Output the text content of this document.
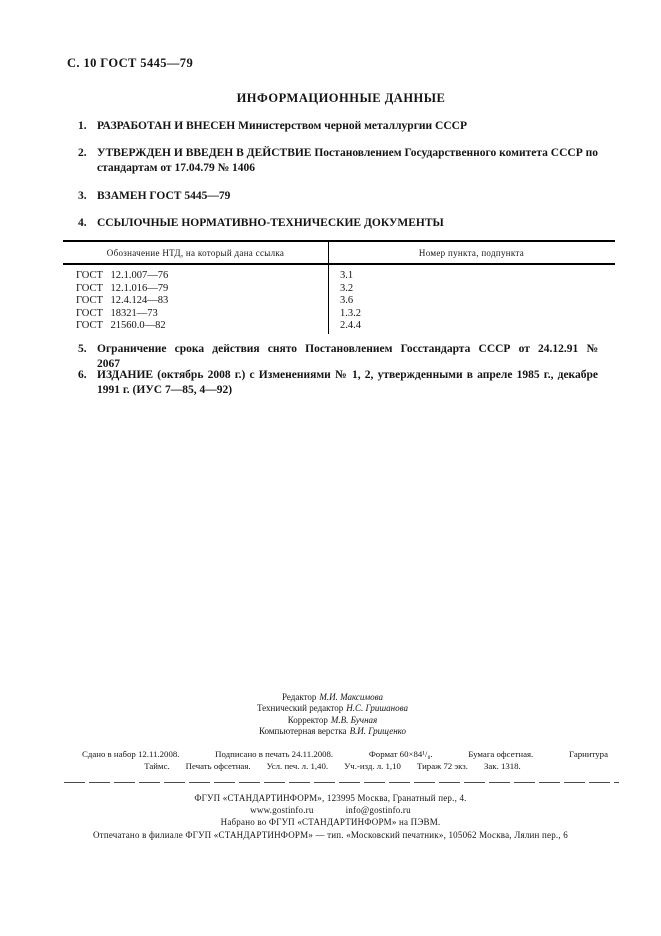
С. 10 ГОСТ 5445—79
ИНФОРМАЦИОННЫЕ ДАННЫЕ
1. РАЗРАБОТАН И ВНЕСЕН Министерством черной металлургии СССР
2. УТВЕРЖДЕН И ВВЕДЕН В ДЕЙСТВИЕ Постановлением Государственного комитета СССР по стандартам от 17.04.79 № 1406
3. ВЗАМЕН ГОСТ 5445—79
4. ССЫЛОЧНЫЕ НОРМАТИВНО-ТЕХНИЧЕСКИЕ ДОКУМЕНТЫ
Обозначение НТД, на который дана ссылка	Номер пункта, подпункта
ГОСТ 12.1.007—76	3.1
ГОСТ 12.1.016—79	3.2
ГОСТ 12.4.124—83	3.6
ГОСТ 18321—73	1.3.2
ГОСТ 21560.0—82	2.4.4
5. Ограничение срока действия снято Постановлением Госстандарта СССР от 24.12.91 № 2067
6. ИЗДАНИЕ (октябрь 2008 г.) с Изменениями № 1, 2, утвержденными в апреле 1985 г., декабре 1991 г. (ИУС 7—85, 4—92)
Редактор М.И. Максимова
Технический редактор Н.С. Гришанова
Корректор М.В. Бучная
Компьютерная верстка В.И. Грищенко
Сдано в набор 12.11.2008.	Подписано в печать 24.11.2008.	Формат 60×84¹/₈.	Бумага офсетная.	Гарнитура
Таймс. Печать офсетная. Усл. печ. л. 1,40. Уч.-изд. л. 1,10 Тираж 72 экз. Зак. 1318.
ФГУП «СТАНДАРТИНФОРМ», 123995 Москва, Гранатный пер., 4.
www.gostinfo.ru	info@gostinfo.ru
Набрано во ФГУП «СТАНДАРТИНФОРМ» на ПЭВМ.
Отпечатано в филиале ФГУП «СТАНДАРТИНФОРМ» — тип. «Московский печатник», 105062 Москва, Лялин пер., 6
